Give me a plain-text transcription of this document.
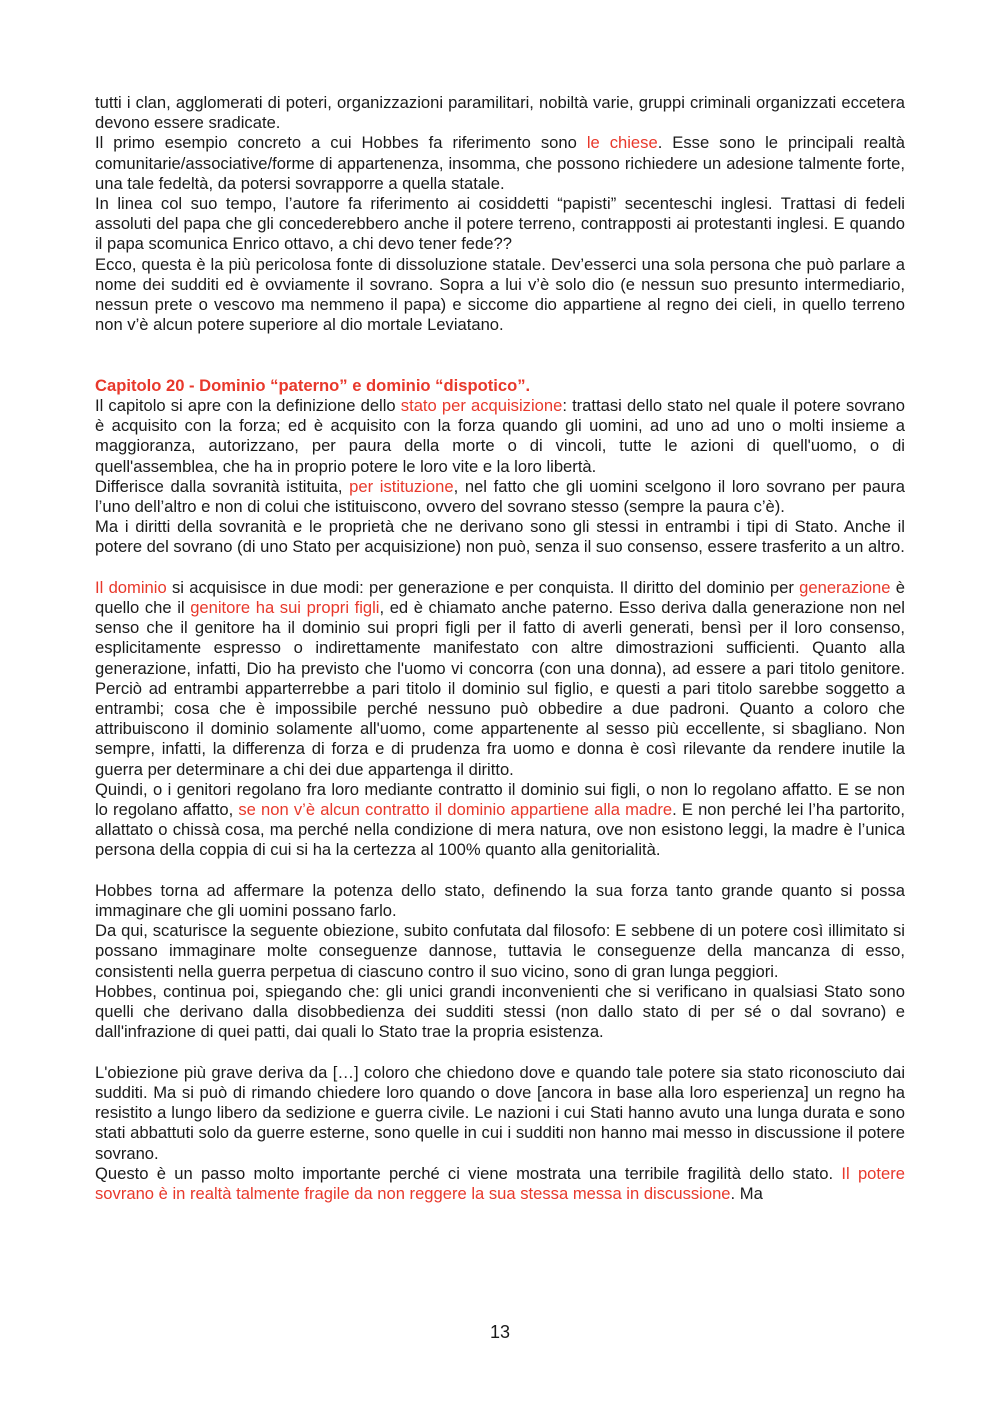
tutti i clan, agglomerati di poteri, organizzazioni paramilitari, nobiltà varie, gruppi criminali organizzati eccetera devono essere sradicate.

Il primo esempio concreto a cui Hobbes fa riferimento sono le chiese. Esse sono le principali realtà comunitarie/associative/forme di appartenenza, insomma, che possono richiedere un adesione talmente forte, una tale fedeltà, da potersi sovrapporre a quella statale.

In linea col suo tempo, l’autore fa riferimento ai cosiddetti “papisti” secenteschi inglesi. Trattasi di fedeli assoluti del papa che gli concederebbero anche il potere terreno, contrapposti ai protestanti inglesi. E quando il papa scomunica Enrico ottavo, a chi devo tener fede??

Ecco, questa è la più pericolosa fonte di dissoluzione statale. Dev’esserci una sola persona che può parlare a nome dei sudditi ed è ovviamente il sovrano. Sopra a lui v’è solo dio (e nessun suo presunto intermediario, nessun prete o vescovo ma nemmeno il papa) e siccome dio appartiene al regno dei cieli, in quello terreno non v’è alcun potere superiore al dio mortale Leviatano.

Capitolo 20 - Dominio “paterno” e dominio “dispotico”.

Il capitolo si apre con la definizione dello stato per acquisizione: trattasi dello stato nel quale il potere sovrano è acquisito con la forza; ed è acquisito con la forza quando gli uomini, ad uno ad uno o molti insieme a maggioranza, autorizzano, per paura della morte o di vincoli, tutte le azioni di quell'uomo, o di quell'assemblea, che ha in proprio potere le loro vite e la loro libertà.

Differisce dalla sovranità istituita, per istituzione, nel fatto che gli uomini scelgono il loro sovrano per paura l’uno dell’altro e non di colui che istituiscono, ovvero del sovrano stesso (sempre la paura c’è).

Ma i diritti della sovranità e le proprietà che ne derivano sono gli stessi in entrambi i tipi di Stato. Anche il potere del sovrano (di uno Stato per acquisizione) non può, senza il suo consenso, essere trasferito a un altro.

Il dominio si acquisisce in due modi: per generazione e per conquista. Il diritto del dominio per generazione è quello che il genitore ha sui propri figli, ed è chiamato anche paterno. Esso deriva dalla generazione non nel senso che il genitore ha il dominio sui propri figli per il fatto di averli generati, bensì per il loro consenso, esplicitamente espresso o indirettamente manifestato con altre dimostrazioni sufficienti. Quanto alla generazione, infatti, Dio ha previsto che l'uomo vi concorra (con una donna), ad essere a pari titolo genitore. Perciò ad entrambi apparterrebbe a pari titolo il dominio sul figlio, e questi a pari titolo sarebbe soggetto a entrambi; cosa che è impossibile perché nessuno può obbedire a due padroni. Quanto a coloro che attribuiscono il dominio solamente all'uomo, come appartenente al sesso più eccellente, si sbagliano. Non sempre, infatti, la differenza di forza e di prudenza fra uomo e donna è così rilevante da rendere inutile la guerra per determinare a chi dei due appartenga il diritto.

Quindi, o i genitori regolano fra loro mediante contratto il dominio sui figli, o non lo regolano affatto. E se non lo regolano affatto, se non v’è alcun contratto il dominio appartiene alla madre. E non perché lei l’ha partorito, allattato o chissà cosa, ma perché nella condizione di mera natura, ove non esistono leggi, la madre è l’unica persona della coppia di cui si ha la certezza al 100% quanto alla genitorialità.

Hobbes torna ad affermare la potenza dello stato, definendo la sua forza tanto grande quanto si possa immaginare che gli uomini possano farlo.

Da qui, scaturisce la seguente obiezione, subito confutata dal filosofo: E sebbene di un potere così illimitato si possano immaginare molte conseguenze dannose, tuttavia le conseguenze della mancanza di esso, consistenti nella guerra perpetua di ciascuno contro il suo vicino, sono di gran lunga peggiori.

Hobbes, continua poi, spiegando che: gli unici grandi inconvenienti che si verificano in qualsiasi Stato sono quelli che derivano dalla disobbedienza dei sudditi stessi (non dallo stato di per sé o dal sovrano) e dall'infrazione di quei patti, dai quali lo Stato trae la propria esistenza.

L'obiezione più grave deriva da […] coloro che chiedono dove e quando tale potere sia stato riconosciuto dai sudditi. Ma si può di rimando chiedere loro quando o dove [ancora in base alla loro esperienza] un regno ha resistito a lungo libero da sedizione e guerra civile. Le nazioni i cui Stati hanno avuto una lunga durata e sono stati abbattuti solo da guerre esterne, sono quelle in cui i sudditi non hanno mai messo in discussione il potere sovrano.

Questo è un passo molto importante perché ci viene mostrata una terribile fragilità dello stato. Il potere sovrano è in realtà talmente fragile da non reggere la sua stessa messa in discussione. Ma

13
